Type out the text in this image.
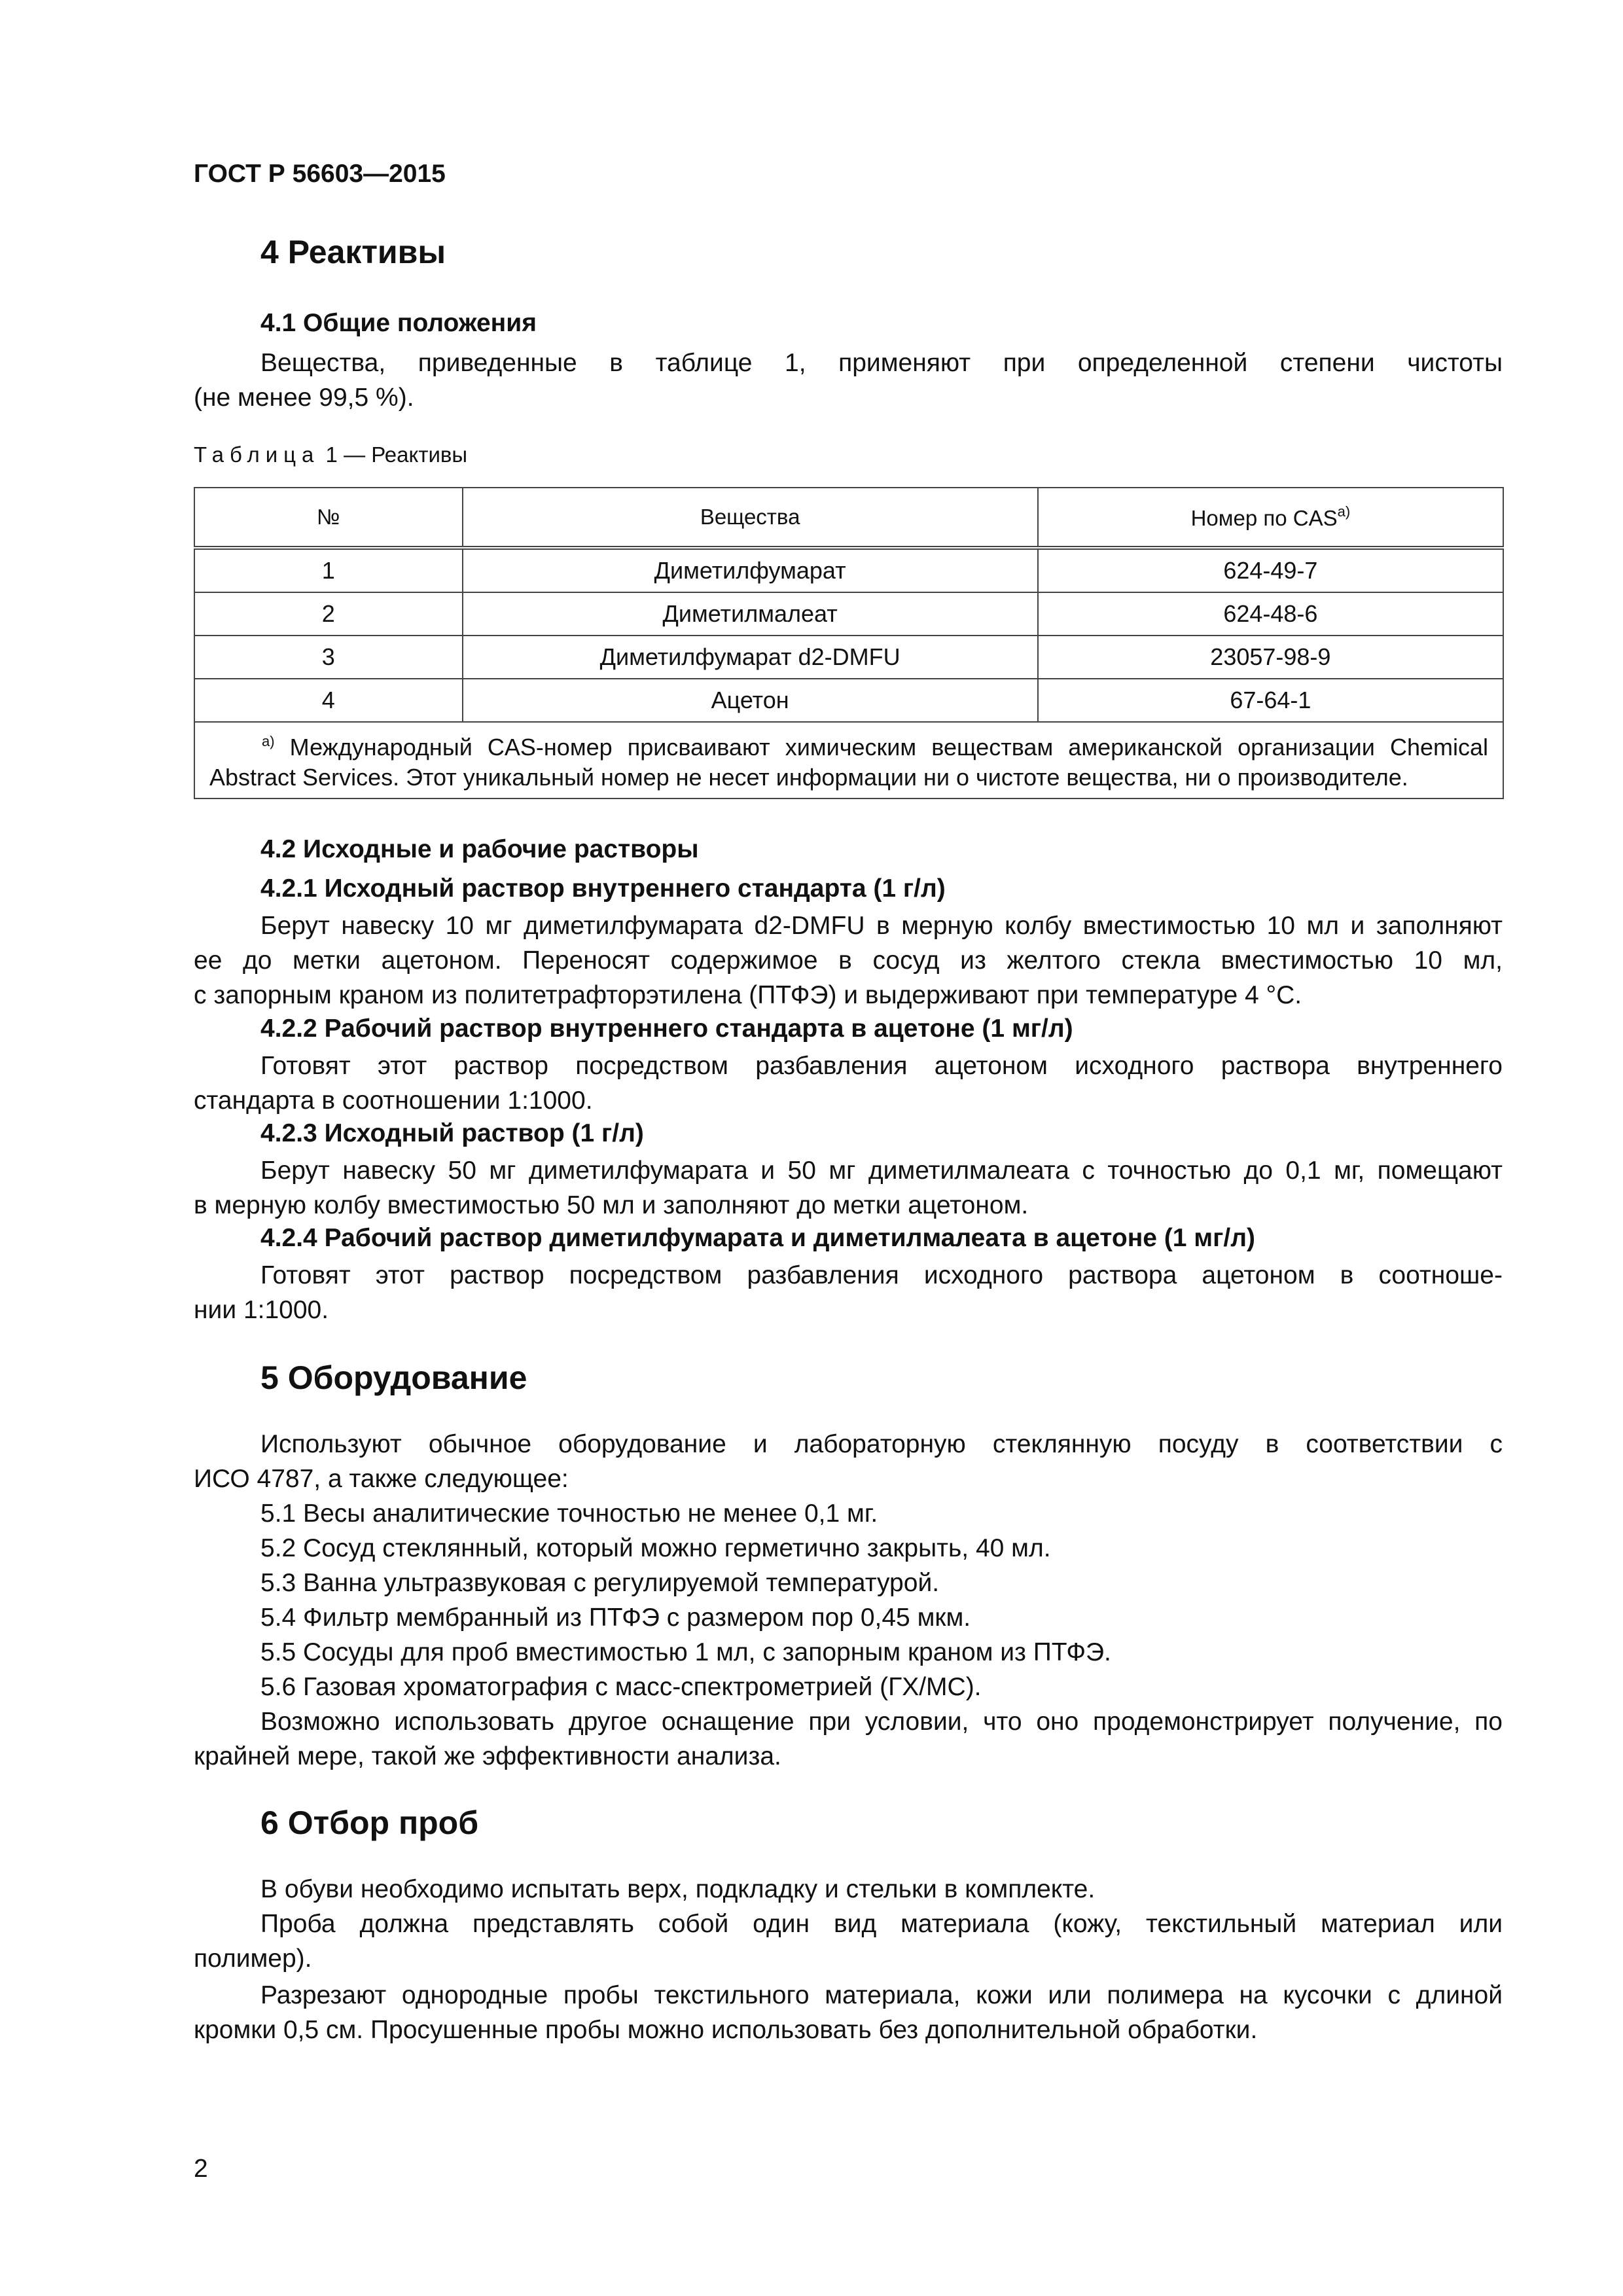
ГОСТ Р 56603—2015
4 Реактивы
4.1 Общие положения
Вещества, приведенные в таблице 1, применяют при определенной степени чистоты
(не менее 99,5 %).
Таблица 1 — Реактивы
№	Вещества	Номер по $CAS^{а)}$
1	Диметилфумарат	624-49-7
2	Диметилмалеат	624-48-6
3	Диметилфумарат d2-DMFU	23057-98-9
4	Ацетон	67-64-1
$^{а)}$ Международный CAS-номер присваивают химическим веществам американской организации Chemical Abstract Services. Этот уникальный номер не несет информации ни о чистоте вещества, ни о производителе.		
4.2 Исходные и рабочие растворы
4.2.1 Исходный раствор внутреннего стандарта (1 г/л)
Берут навеску 10 мг диметилфумарата d2-DMFU в мерную колбу вместимостью 10 мл и заполняют
ее до метки ацетоном. Переносят содержимое в сосуд из желтого стекла вместимостью 10 мл,
с запорным краном из политетрафторэтилена (ПТФЭ) и выдерживают при температуре 4 °С.
4.2.2 Рабочий раствор внутреннего стандарта в ацетоне (1 мг/л)
Готовят этот раствор посредством разбавления ацетоном исходного раствора внутреннего
стандарта в соотношении 1:1000.
4.2.3 Исходный раствор (1 г/л)
Берут навеску 50 мг диметилфумарата и 50 мг диметилмалеата с точностью до 0,1 мг, помещают
в мерную колбу вместимостью 50 мл и заполняют до метки ацетоном.
4.2.4 Рабочий раствор диметилфумарата и диметилмалеата в ацетоне (1 мг/л)
Готовят этот раствор посредством разбавления исходного раствора ацетоном в соотноше-
нии 1:1000.
5 Оборудование
Используют обычное оборудование и лабораторную стеклянную посуду в соответствии с
ИСО 4787, а также следующее:
5.1 Весы аналитические точностью не менее 0,1 мг.
5.2 Сосуд стеклянный, который можно герметично закрыть, 40 мл.
5.3 Ванна ультразвуковая с регулируемой температурой.
5.4 Фильтр мембранный из ПТФЭ с размером пор 0,45 мкм.
5.5 Сосуды для проб вместимостью 1 мл, с запорным краном из ПТФЭ.
5.6 Газовая хроматография с масс-спектрометрией (ГХ/МС).
Возможно использовать другое оснащение при условии, что оно продемонстрирует получение, по
крайней мере, такой же эффективности анализа.
6 Отбор проб
В обуви необходимо испытать верх, подкладку и стельки в комплекте.
Проба должна представлять собой один вид материала (кожу, текстильный материал или
полимер).
Разрезают однородные пробы текстильного материала, кожи или полимера на кусочки с длиной
кромки 0,5 см. Просушенные пробы можно использовать без дополнительной обработки.
2
